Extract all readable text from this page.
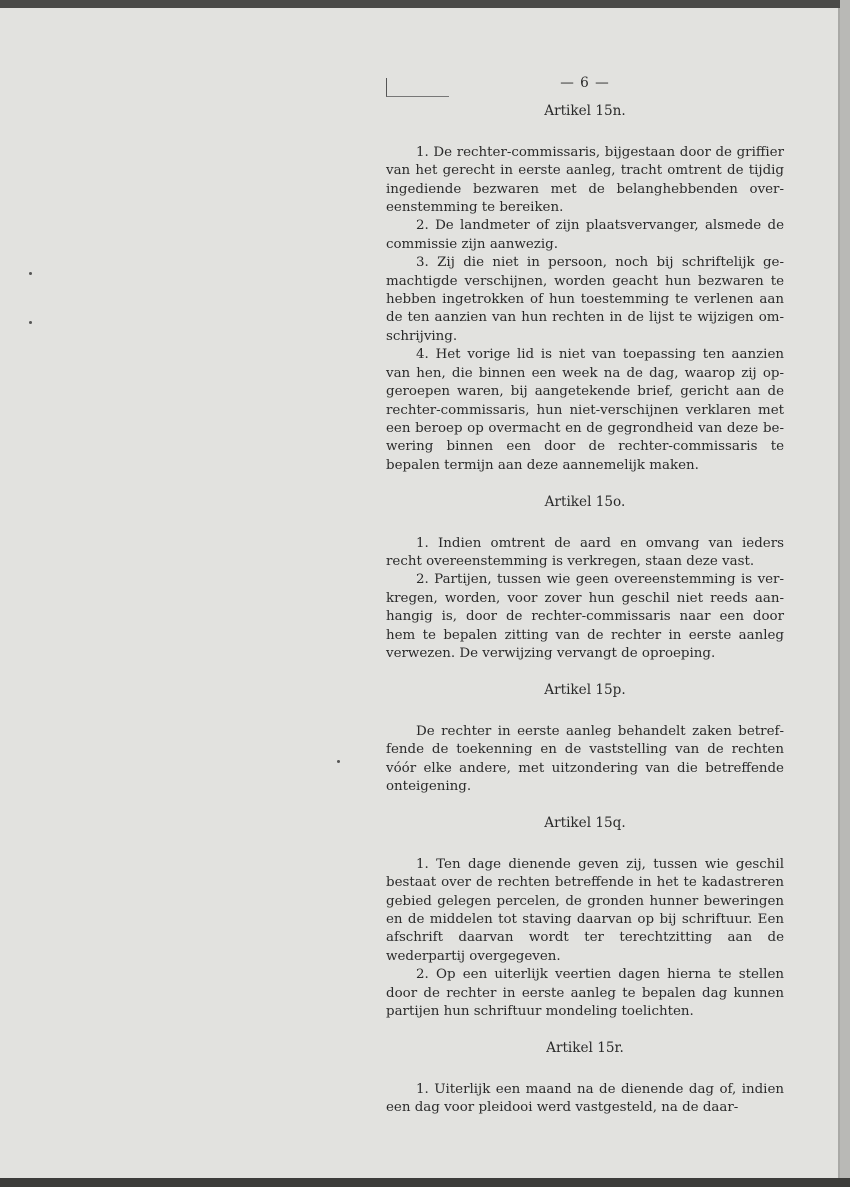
— 6 —
Artikel 15n.

1. De rechter-commissaris, bijgestaan door de griffier van het gerecht in eerste aanleg, tracht omtrent de tijdig ingediende bezwaren met de belanghebbenden overeenstemming te bereiken.

2. De landmeter of zijn plaatsvervanger, alsmede de commissie zijn aanwezig.

3. Zij die niet in persoon, noch bij schriftelijk gemachtigde verschijnen, worden geacht hun bezwaren te hebben ingetrokken of hun toestemming te verlenen aan de ten aanzien van hun rechten in de lijst te wijzigen omschrijving.

4. Het vorige lid is niet van toepassing ten aanzien van hen, die binnen een week na de dag, waarop zij opgeroepen waren, bij aangetekende brief, gericht aan de rechter-commissaris, hun niet-verschijnen verklaren met een beroep op overmacht en de gegrondheid van deze bewering binnen een door de rechter-commissaris te bepalen termijn aan deze aannemelijk maken.

Artikel 15o.

1. Indien omtrent de aard en omvang van ieders recht overeenstemming is verkregen, staan deze vast.

2. Partijen, tussen wie geen overeenstemming is verkregen, worden, voor zover hun geschil niet reeds aanhangig is, door de rechter-commissaris naar een door hem te bepalen zitting van de rechter in eerste aanleg verwezen. De verwijzing vervangt de oproeping.

Artikel 15p.

De rechter in eerste aanleg behandelt zaken betreffende de toekenning en de vaststelling van de rechten vóór elke andere, met uitzondering van die betreffende onteigening.

Artikel 15q.

1. Ten dage dienende geven zij, tussen wie geschil bestaat over de rechten betreffende in het te kadastreren gebied gelegen percelen, de gronden hunner beweringen en de middelen tot staving daarvan op bij schriftuur. Een afschrift daarvan wordt ter terechtzitting aan de wederpartij overgegeven.

2. Op een uiterlijk veertien dagen hierna te stellen door de rechter in eerste aanleg te bepalen dag kunnen partijen hun schriftuur mondeling toelichten.

Artikel 15r.

1. Uiterlijk een maand na de dienende dag of, indien een dag voor pleidooi werd vastgesteld, na de daar-
